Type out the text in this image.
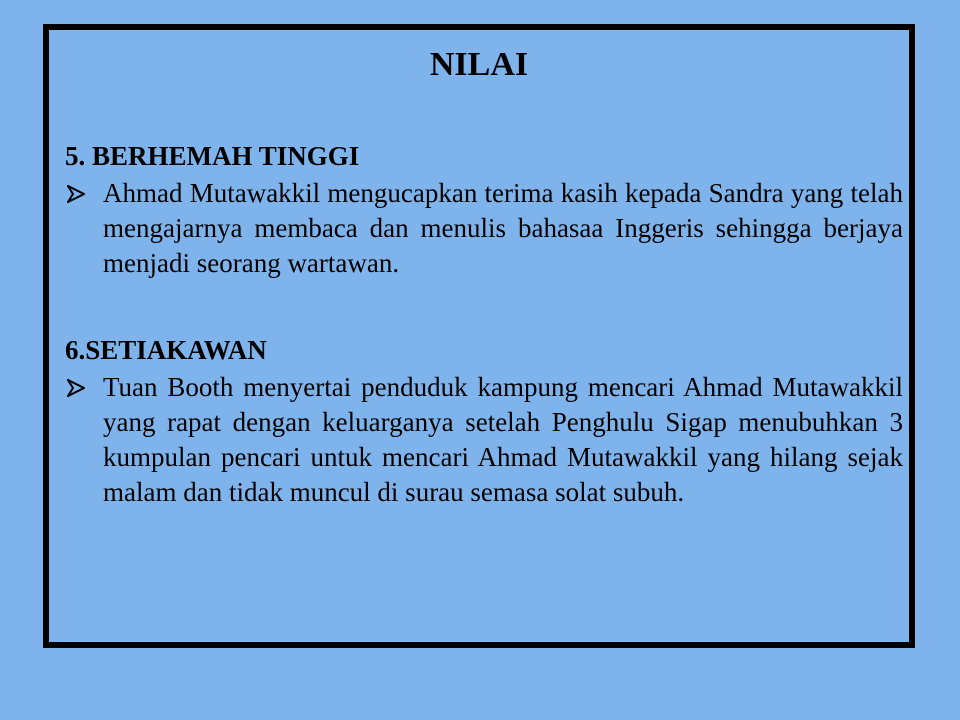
NILAI

5. BERHEMAH TINGGI

Ahmad Mutawakkil mengucapkan terima kasih kepada Sandra yang telah mengajarnya membaca dan menulis bahasaa Inggeris sehingga berjaya menjadi seorang wartawan.

6.SETIAKAWAN

Tuan Booth menyertai penduduk kampung mencari Ahmad Mutawakkil yang rapat dengan keluarganya setelah Penghulu Sigap menubuhkan 3 kumpulan pencari untuk mencari Ahmad Mutawakkil yang hilang sejak malam dan tidak muncul di surau semasa solat subuh.
